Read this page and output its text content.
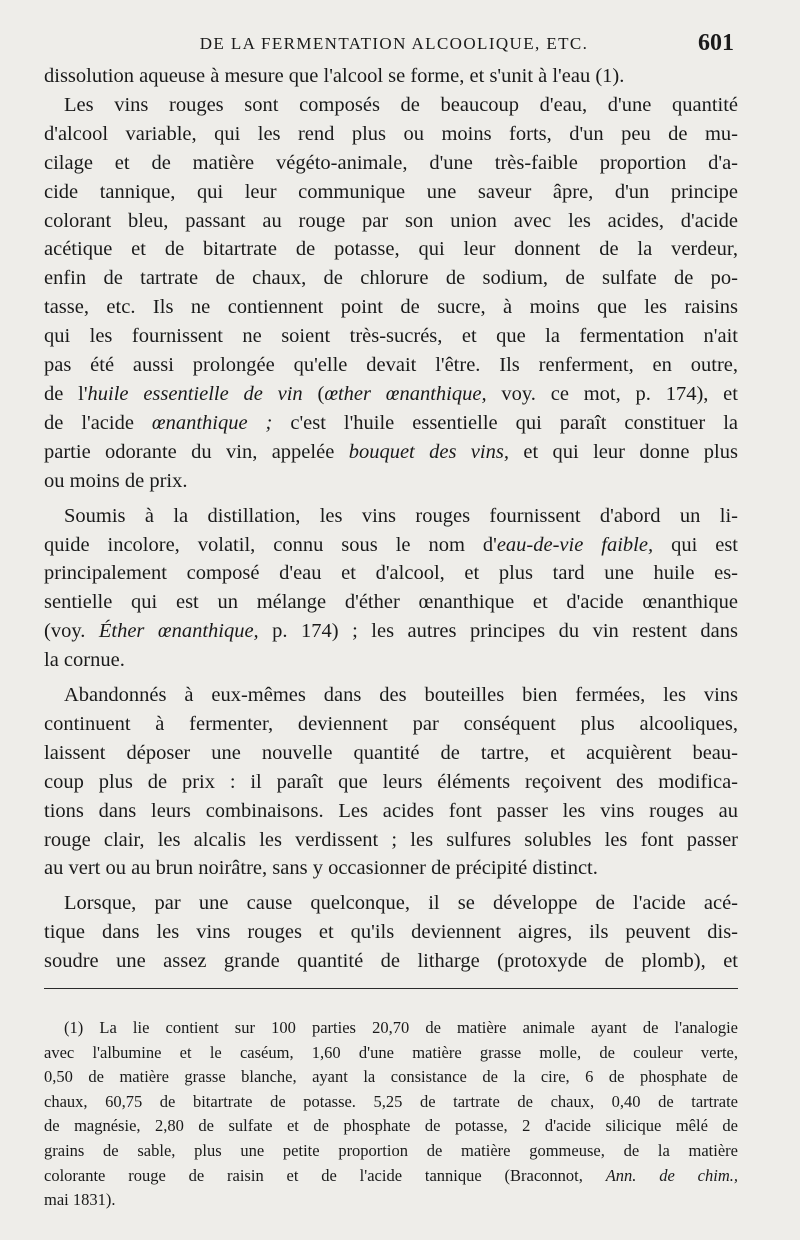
DE LA FERMENTATION ALCOOLIQUE, ETC.	601

dissolution aqueuse à mesure que l'alcool se forme, et s'unit à l'eau (1).

Les vins rouges sont composés de beaucoup d'eau, d'une quantité
d'alcool variable, qui les rend plus ou moins forts, d'un peu de mu-
cilage et de matière végéto-animale, d'une très-faible proportion d'a-
cide tannique, qui leur communique une saveur âpre, d'un principe
colorant bleu, passant au rouge par son union avec les acides, d'acide
acétique et de bitartrate de potasse, qui leur donnent de la verdeur,
enfin de tartrate de chaux, de chlorure de sodium, de sulfate de po-
tasse, etc. Ils ne contiennent point de sucre, à moins que les raisins
qui les fournissent ne soient très-sucrés, et que la fermentation n'ait
pas été aussi prolongée qu'elle devait l'être. Ils renferment, en outre,
de l'huile essentielle de vin (œther œnanthique, voy. ce mot, p. 174), et
de l'acide œnanthique ; c'est l'huile essentielle qui paraît constituer la
partie odorante du vin, appelée bouquet des vins, et qui leur donne plus
ou moins de prix.

Soumis à la distillation, les vins rouges fournissent d'abord un li-
quide incolore, volatil, connu sous le nom d'eau-de-vie faible, qui est
principalement composé d'eau et d'alcool, et plus tard une huile es-
sentielle qui est un mélange d'éther œnanthique et d'acide œnanthique
(voy. Éther œnanthique, p. 174) ; les autres principes du vin restent dans
la cornue.

Abandonnés à eux-mêmes dans des bouteilles bien fermées, les vins
continuent à fermenter, deviennent par conséquent plus alcooliques,
laissent déposer une nouvelle quantité de tartre, et acquièrent beau-
coup plus de prix : il paraît que leurs éléments reçoivent des modifica-
tions dans leurs combinaisons. Les acides font passer les vins rouges au
rouge clair, les alcalis les verdissent ; les sulfures solubles les font passer
au vert ou au brun noirâtre, sans y occasionner de précipité distinct.

Lorsque, par une cause quelconque, il se développe de l'acide acé-
tique dans les vins rouges et qu'ils deviennent aigres, ils peuvent dis-
soudre une assez grande quantité de litharge (protoxyde de plomb), et

(1) La lie contient sur 100 parties 20,70 de matière animale ayant de l'analogie
avec l'albumine et le caséum, 1,60 d'une matière grasse molle, de couleur verte,
0,50 de matière grasse blanche, ayant la consistance de la cire, 6 de phosphate de
chaux, 60,75 de bitartrate de potasse. 5,25 de tartrate de chaux, 0,40 de tartrate
de magnésie, 2,80 de sulfate et de phosphate de potasse, 2 d'acide silicique mêlé de
grains de sable, plus une petite proportion de matière gommeuse, de la matière
colorante rouge de raisin et de l'acide tannique (Braconnot, Ann. de chim.,
mai 1831).
